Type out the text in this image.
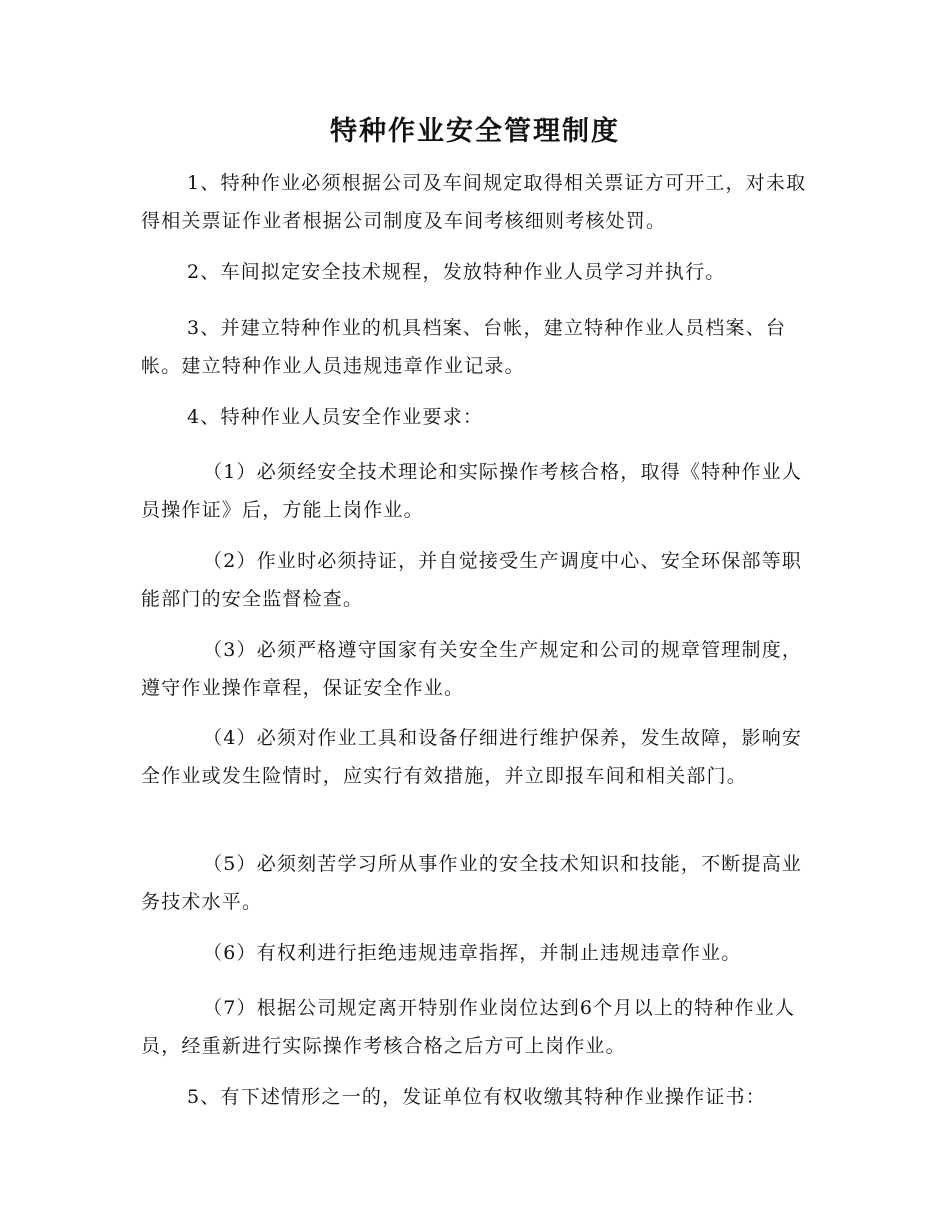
特种作业安全管理制度

1、特种作业必须根据公司及车间规定取得相关票证方可开工，对未取得相关票证作业者根据公司制度及车间考核细则考核处罚。

2、车间拟定安全技术规程，发放特种作业人员学习并执行。

3、并建立特种作业的机具档案、台帐，建立特种作业人员档案、台帐。建立特种作业人员违规违章作业记录。

4、特种作业人员安全作业要求：

（1）必须经安全技术理论和实际操作考核合格，取得《特种作业人员操作证》后，方能上岗作业。

（2）作业时必须持证，并自觉接受生产调度中心、安全环保部等职能部门的安全监督检查。

（3）必须严格遵守国家有关安全生产规定和公司的规章管理制度，遵守作业操作章程，保证安全作业。

（4）必须对作业工具和设备仔细进行维护保养，发生故障，影响安全作业或发生险情时，应实行有效措施，并立即报车间和相关部门。

（5）必须刻苦学习所从事作业的安全技术知识和技能，不断提高业务技术水平。

（6）有权利进行拒绝违规违章指挥，并制止违规违章作业。

（7）根据公司规定离开特别作业岗位达到6个月以上的特种作业人员，经重新进行实际操作考核合格之后方可上岗作业。

5、有下述情形之一的，发证单位有权收缴其特种作业操作证书：
